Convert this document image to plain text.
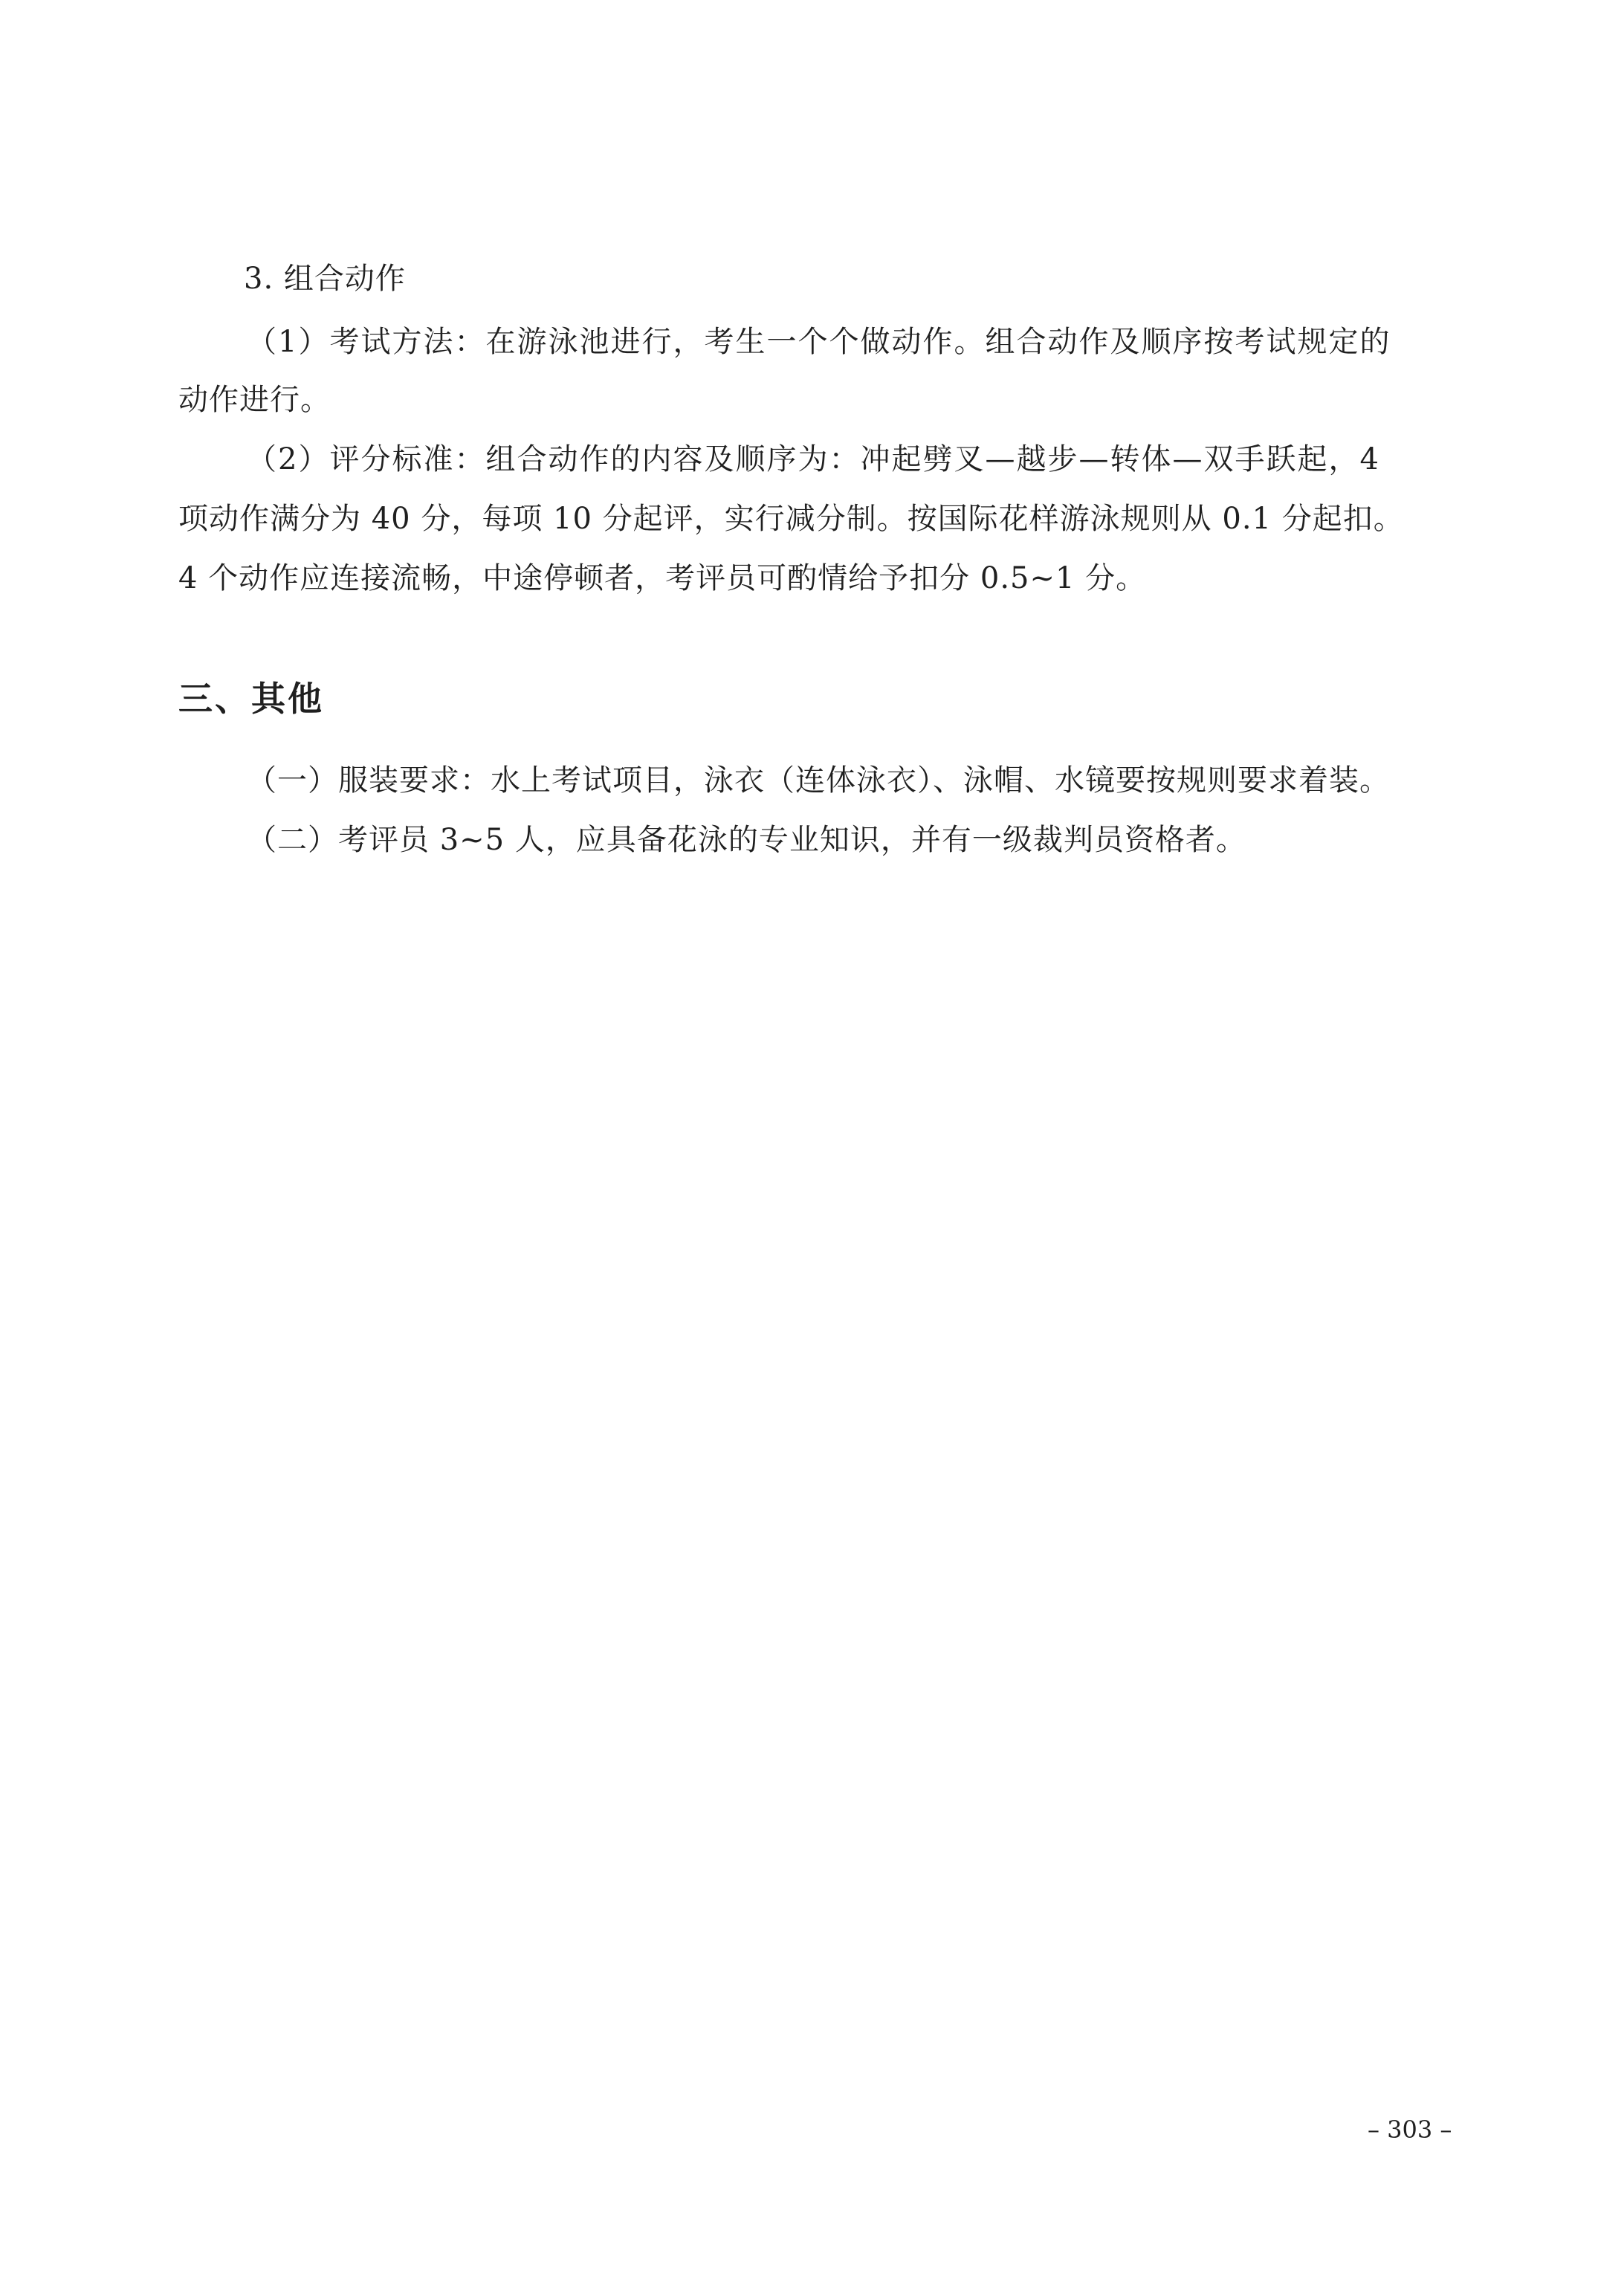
3. 组合动作
（1）考试方法：在游泳池进行，考生一个个做动作。组合动作及顺序按考试规定的
动作进行。
（2）评分标准：组合动作的内容及顺序为：冲起劈叉—越步—转体—双手跃起，4
项动作满分为 40 分，每项 10 分起评，实行减分制。按国际花样游泳规则从 0.1 分起扣。
4 个动作应连接流畅，中途停顿者，考评员可酌情给予扣分 0.5~1 分。
三、其他
（一）服装要求：水上考试项目，泳衣（连体泳衣）、泳帽、水镜要按规则要求着装。
（二）考评员 3~5 人，应具备花泳的专业知识，并有一级裁判员资格者。
– 303 –
